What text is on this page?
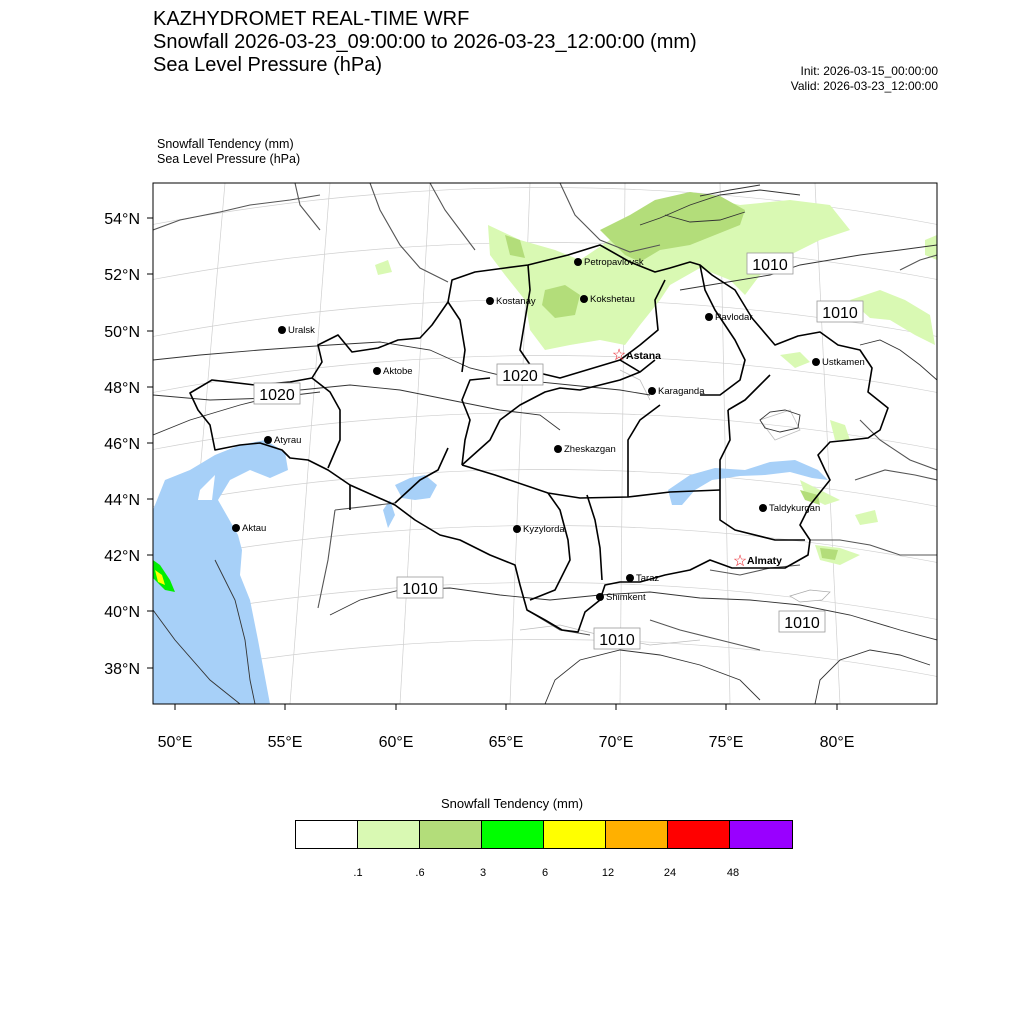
KAZHYDROMET REAL-TIME WRF
Snowfall 2026-03-23_09:00:00 to 2026-03-23_12:00:00 (mm)
Sea Level Pressure (hPa)	Init: 2026-03-15_00:00:00
Valid: 2026-03-23_12:00:00
Snowfall Tendency (mm)
Sea Level Pressure (hPa)
54°N
52°N
50°N
48°N
46°N
44°N
42°N
40°N
38°N
50°E	55°E	60°E	65°E	70°E	75°E	80°E
1010
1010
1020
1020
1010
1010
1010
Petropavlovsk
Kostanay	Kokshetau
Pavlodar
Uralsk
☆ Astana
Aktobe
Karaganda
Ustkamen
Atyrau
Zheskazgan
Aktau	Kyzylorda
Taldykurgan
☆ Almaty
Taraz
Shimkent
Snowfall Tendency (mm)
.1	.6	3	6	12	24	48
